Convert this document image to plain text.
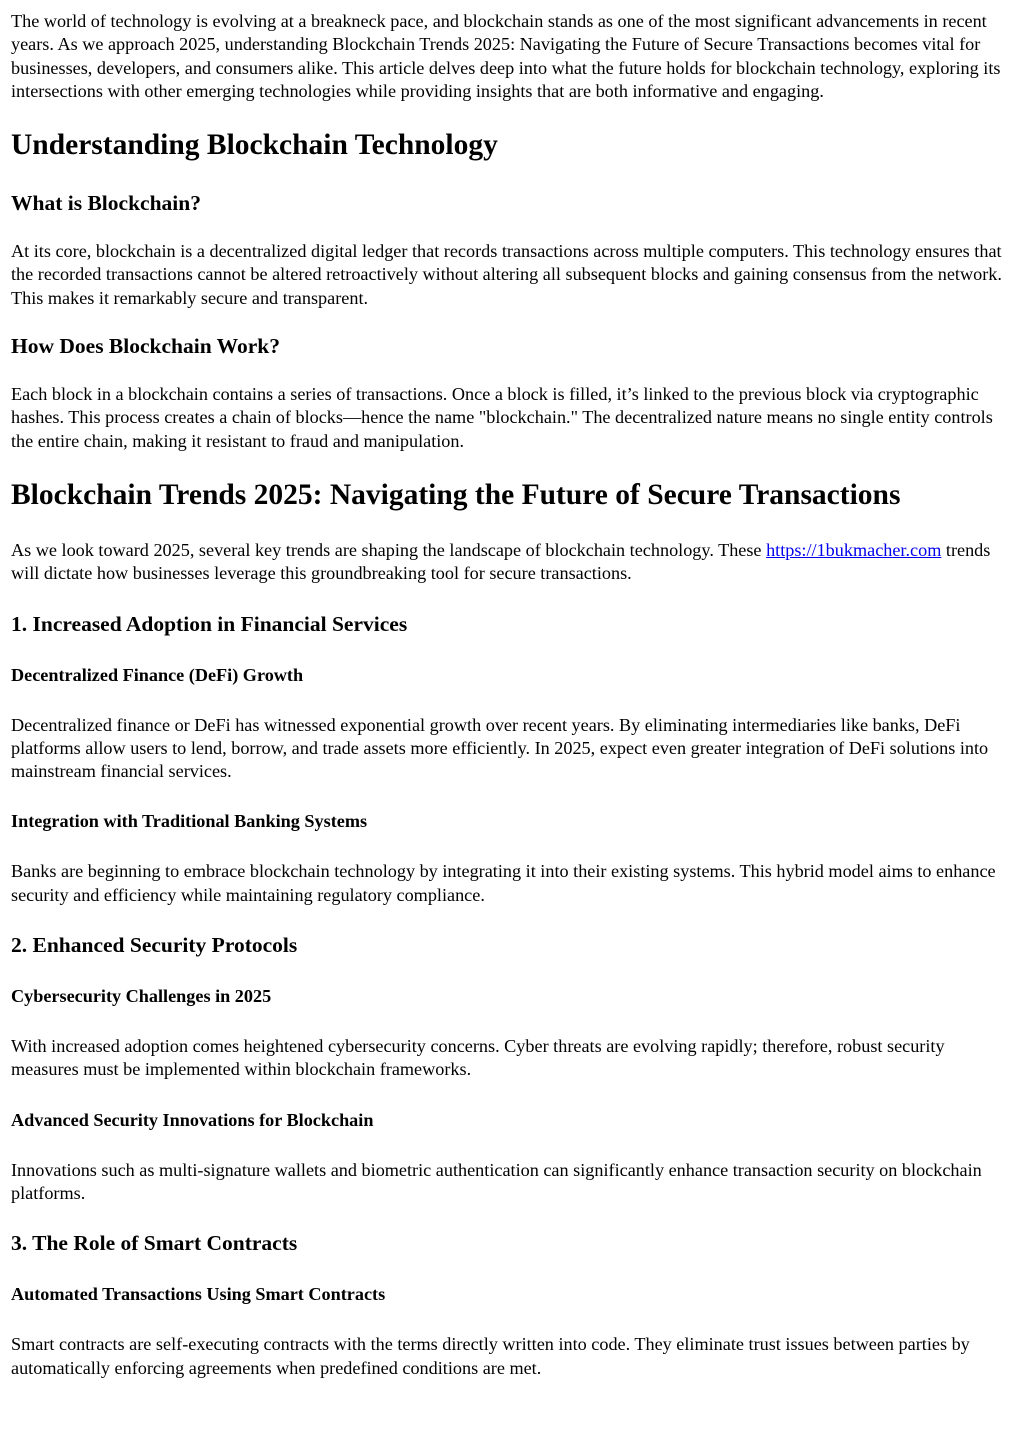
The world of technology is evolving at a breakneck pace, and blockchain stands as one of the most significant advancements in recent years. As we approach 2025, understanding Blockchain Trends 2025: Navigating the Future of Secure Transactions becomes vital for businesses, developers, and consumers alike. This article delves deep into what the future holds for blockchain technology, exploring its intersections with other emerging technologies while providing insights that are both informative and engaging.

Understanding Blockchain Technology
What is Blockchain?

At its core, blockchain is a decentralized digital ledger that records transactions across multiple computers. This technology ensures that the recorded transactions cannot be altered retroactively without altering all subsequent blocks and gaining consensus from the network. This makes it remarkably secure and transparent.

How Does Blockchain Work?

Each block in a blockchain contains a series of transactions. Once a block is filled, it’s linked to the previous block via cryptographic hashes. This process creates a chain of blocks—hence the name "blockchain." The decentralized nature means no single entity controls the entire chain, making it resistant to fraud and manipulation.

Blockchain Trends 2025: Navigating the Future of Secure Transactions

As we look toward 2025, several key trends are shaping the landscape of blockchain technology. These https://1bukmacher.com trends will dictate how businesses leverage this groundbreaking tool for secure transactions.

1. Increased Adoption in Financial Services
Decentralized Finance (DeFi) Growth

Decentralized finance or DeFi has witnessed exponential growth over recent years. By eliminating intermediaries like banks, DeFi platforms allow users to lend, borrow, and trade assets more efficiently. In 2025, expect even greater integration of DeFi solutions into mainstream financial services.

Integration with Traditional Banking Systems

Banks are beginning to embrace blockchain technology by integrating it into their existing systems. This hybrid model aims to enhance security and efficiency while maintaining regulatory compliance.

2. Enhanced Security Protocols
Cybersecurity Challenges in 2025

With increased adoption comes heightened cybersecurity concerns. Cyber threats are evolving rapidly; therefore, robust security measures must be implemented within blockchain frameworks.

Advanced Security Innovations for Blockchain

Innovations such as multi-signature wallets and biometric authentication can significantly enhance transaction security on blockchain platforms.

3. The Role of Smart Contracts
Automated Transactions Using Smart Contracts

Smart contracts are self-executing contracts with the terms directly written into code. They eliminate trust issues between parties by automatically enforcing agreements when predefined conditions are met.
